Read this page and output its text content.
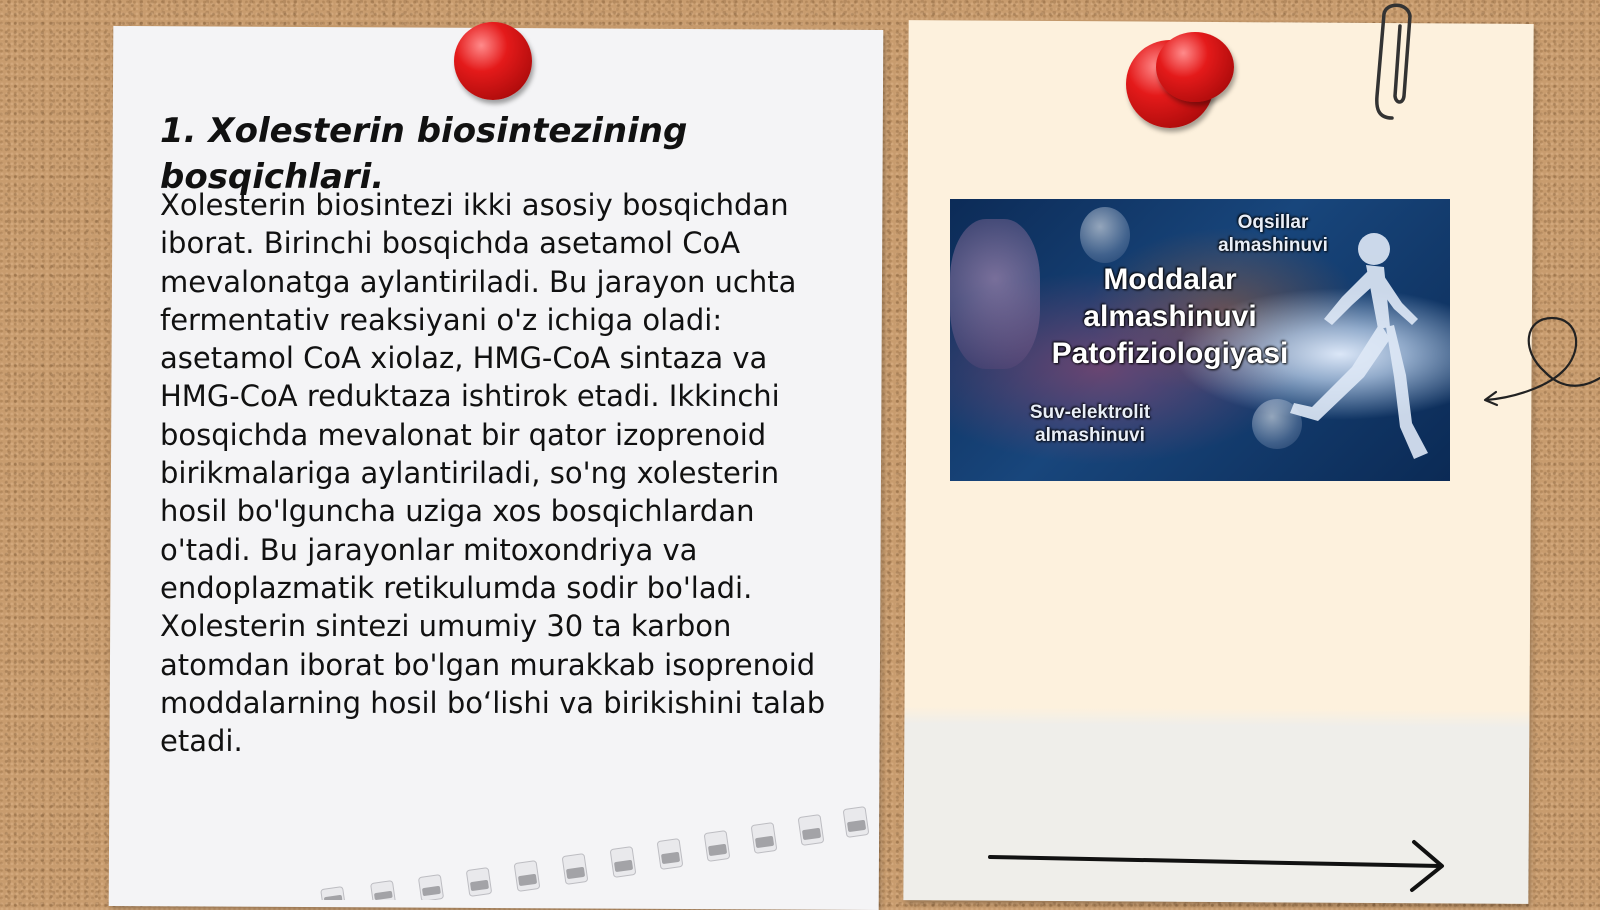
1. Xolesterin biosintezining bosqichlari.

Xolesterin biosintezi ikki asosiy bosqichdan iborat. Birinchi bosqichda asetamol CoA mevalonatga aylantiriladi. Bu jarayon uchta fermentativ reaksiyani o'z ichiga oladi: asetamol CoA xiolaz, HMG-CoA sintaza va HMG-CoA reduktaza ishtirok etadi. Ikkinchi bosqichda mevalonat bir qator izoprenoid birikmalariga aylantiriladi, so'ng xolesterin hosil bo'lguncha uziga xos bosqichlardan o'tadi. Bu jarayonlar mitoxondriya va endoplazmatik retikulumda sodir bo'ladi. Xolesterin sintezi umumiy 30 ta karbon atomdan iborat bo'lgan murakkab isoprenoid moddalarning hosil bo‘lishi va birikishini talab etadi.

Oqsillar almashinuvi
Moddalar almashinuvi Patofiziologiyasi
Suv-elektrolit almashinuvi
